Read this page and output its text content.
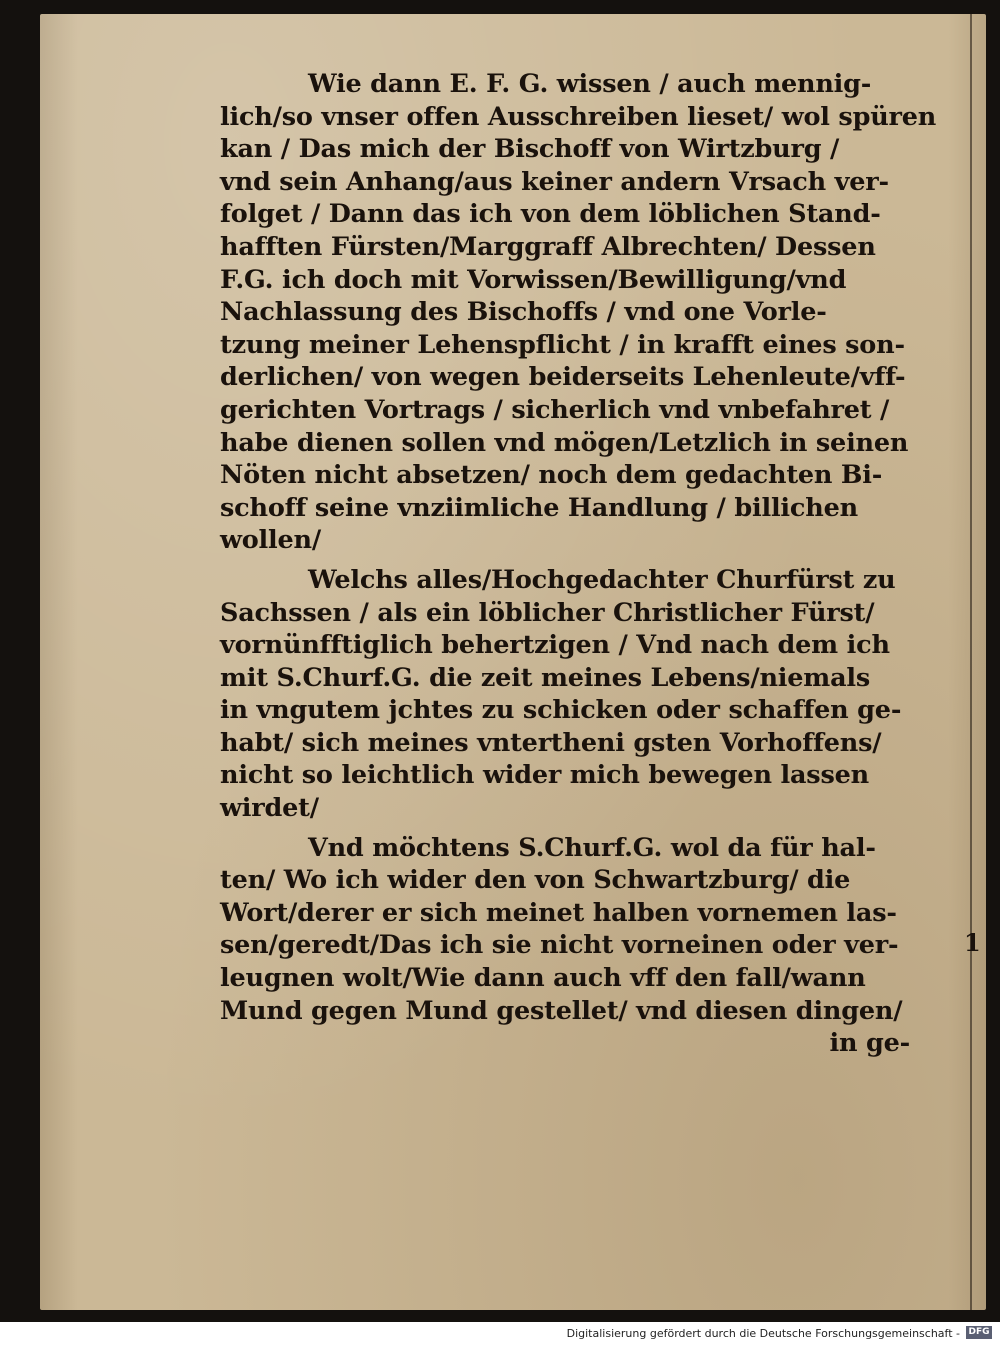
Wie dann E. F. G. wissen / auch mennig-
lich/so vnser offen Ausschreiben lieset/ wol spüren
kan / Das mich der Bischoff von Wirtzburg /
vnd sein Anhang/aus keiner andern Vrsach ver-
folget / Dann das ich von dem löblichen Stand-
hafften Fürsten/Marggraff Albrechten/ Dessen
F.G. ich doch mit Vorwissen/Bewilligung/vnd
Nachlassung des Bischoffs / vnd one Vorle-
tzung meiner Lehenspflicht / in krafft eines son-
derlichen/ von wegen beiderseits Lehenleute/vff-
gerichten Vortrags / sicherlich vnd vnbefahret /
habe dienen sollen vnd mögen/Letzlich in seinen
Nöten nicht absetzen/ noch dem gedachten Bi-
schoff seine vnziimliche Handlung / billichen
wollen/
Welchs alles/Hochgedachter Churfürst zu
Sachssen / als ein löblicher Christlicher Fürst/
vornünfftiglich behertzigen / Vnd nach dem ich
mit S.Churf.G. die zeit meines Lebens/niemals
in vngutem jchtes zu schicken oder schaffen ge-
habt/ sich meines vntertheni gsten Vorhoffens/
nicht so leichtlich wider mich bewegen lassen
wirdet/
Vnd möchtens S.Churf.G. wol da für hal-
ten/ Wo ich wider den von Schwartzburg/ die
Wort/derer er sich meinet halben vornemen las-
sen/geredt/Das ich sie nicht vorneinen oder ver-
leugnen wolt/Wie dann auch vff den fall/wann
Mund gegen Mund gestellet/ vnd diesen dingen/
in ge-
1
Digitalisierung gefördert durch die Deutsche Forschungsgemeinschaft - DFG
